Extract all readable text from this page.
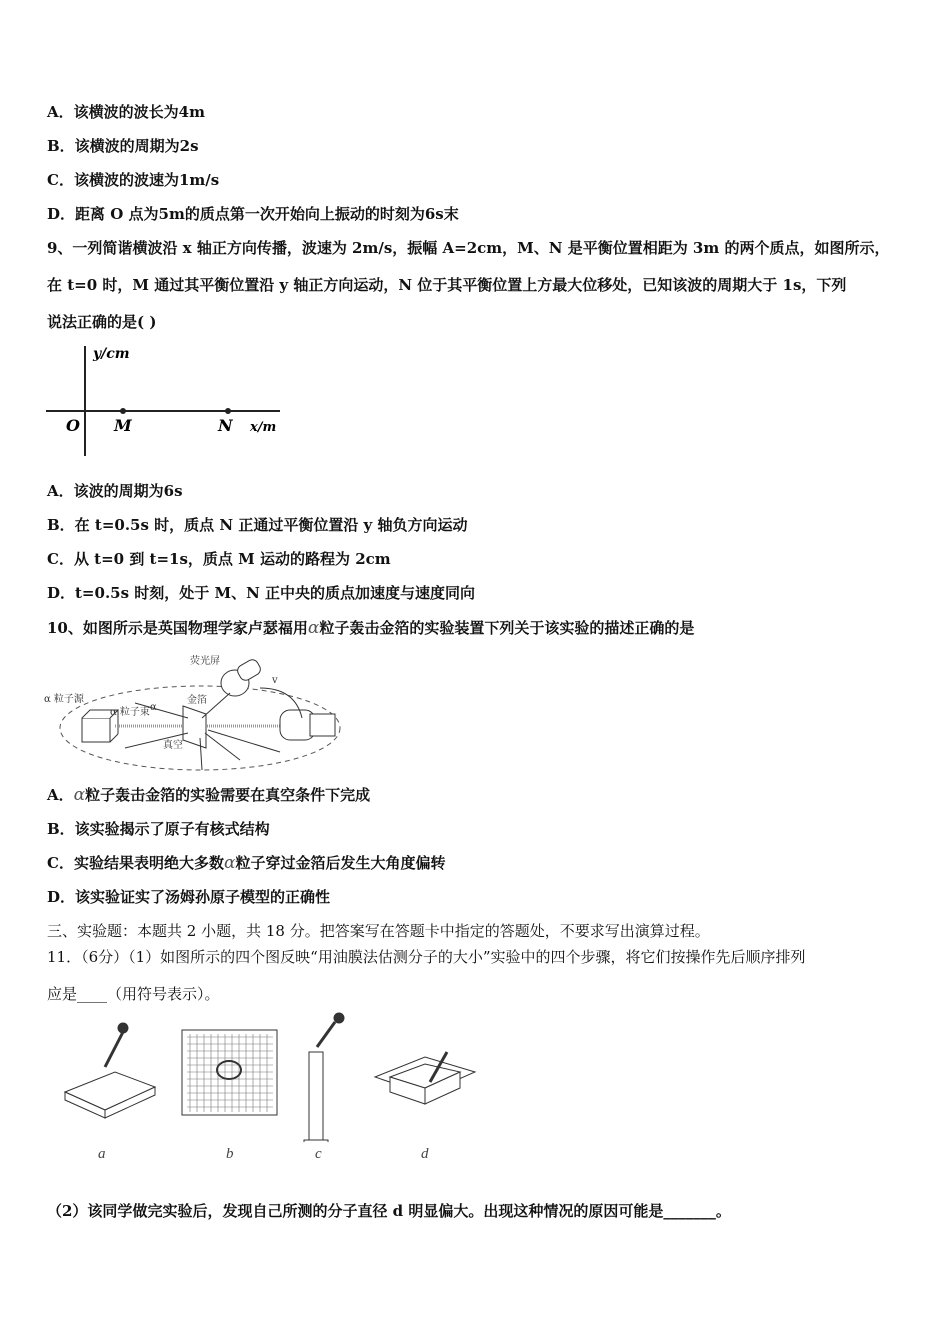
A．该横波的波长为4m
B．该横波的周期为2s
C．该横波的波速为1m/s
D．距离 O 点为5m的质点第一次开始向上振动的时刻为6s末
9、一列简谐横波沿 x 轴正方向传播，波速为 2m/s，振幅 A=2cm，M、N 是平衡位置相距为 3m 的两个质点，如图所示，
在 t=0 时，M 通过其平衡位置沿 y 轴正方向运动，N 位于其平衡位置上方最大位移处，已知该波的周期大于 1s，下列
说法正确的是( )
y/cm
O M	N x/m
A．该波的周期为6s
B．在 t=0.5s 时，质点 N 正通过平衡位置沿 y 轴负方向运动
C．从 t=0 到 t=1s，质点 M 运动的路程为 2cm
D．t=0.5s 时刻，处于 M、N 正中央的质点加速度与速度同向
10、如图所示是英国物理学家卢瑟福用α粒子轰击金箔的实验装置下列关于该实验的描述正确的是
α 粒子源
α 粒子束
金箔
荧光屏
真空
α
v
A．α粒子轰击金箔的实验需要在真空条件下完成
B．该实验揭示了原子有核式结构
C．实验结果表明绝大多数α粒子穿过金箔后发生大角度偏转
D．该实验证实了汤姆孙原子模型的正确性
三、实验题：本题共 2 小题，共 18 分。把答案写在答题卡中指定的答题处，不要求写出演算过程。
11．（6分）（1）如图所示的四个图反映“用油膜法估测分子的大小”实验中的四个步骤，将它们按操作先后顺序排列
应是____（用符号表示）。
a	b	c	d
（2）该同学做完实验后，发现自己所测的分子直径 d 明显偏大。出现这种情况的原因可能是_______。
